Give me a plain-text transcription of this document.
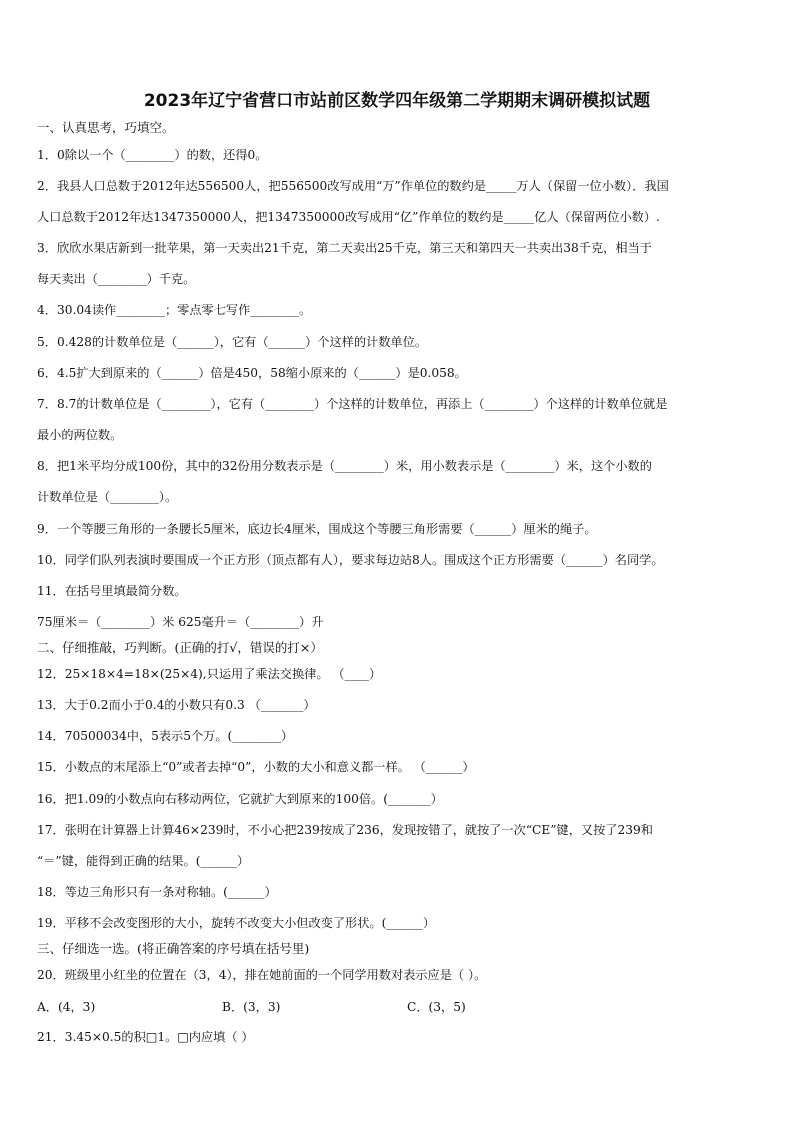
2023年辽宁省营口市站前区数学四年级第二学期期末调研模拟试题
一、认真思考，巧填空。
1．0除以一个（________）的数，还得0。
2．我县人口总数于2012年达556500人，把556500改写成用“万”作单位的数约是_____万人（保留一位小数）．我国
人口总数于2012年达1347350000人，把1347350000改写成用“亿”作单位的数约是_____亿人（保留两位小数）.
3．欣欣水果店新到一批苹果，第一天卖出21千克，第二天卖出25千克，第三天和第四天一共卖出38千克，相当于
每天卖出（________）千克。
4．30.04读作________；零点零七写作________。
5．0.428的计数单位是（______），它有（______）个这样的计数单位。
6．4.5扩大到原来的（______）倍是450，58缩小原来的（______）是0.058。
7．8.7的计数单位是（________），它有（________）个这样的计数单位，再添上（________）个这样的计数单位就是
最小的两位数。
8．把1米平均分成100份，其中的32份用分数表示是（________）米，用小数表示是（________）米，这个小数的
计数单位是（________）。
9．一个等腰三角形的一条腰长5厘米，底边长4厘米，围成这个等腰三角形需要（______）厘米的绳子。
10．同学们队列表演时要围成一个正方形（顶点都有人），要求每边站8人。围成这个正方形需要（______）名同学。
11．在括号里填最简分数。
75厘米＝（________）米 625毫升＝（________）升
二、仔细推敲，巧判断。(正确的打√，错误的打×）
12．25×18×4=18×(25×4),只运用了乘法交换律。 （____）
13．大于0.2而小于0.4的小数只有0.3 （_______）
14．70500034中，5表示5个万。(________）
15．小数点的末尾添上“0”或者去掉“0”，小数的大小和意义都一样。 （______）
16．把1.09的小数点向右移动两位，它就扩大到原来的100倍。(_______）
17．张明在计算器上计算46×239时，不小心把239按成了236，发现按错了，就按了一次“CE”键，又按了239和
“＝”键，能得到正确的结果。(______）
18．等边三角形只有一条对称轴。(______）
19．平移不会改变图形的大小，旋转不改变大小但改变了形状。(______）
三、仔细选一选。(将正确答案的序号填在括号里)
20．班级里小红坐的位置在（3，4），排在她前面的一个同学用数对表示应是（ ）。
A．(4，3)	B．(3，3)	C．(3，5)
21．3.45×0.5的积□1。□内应填（ ）
